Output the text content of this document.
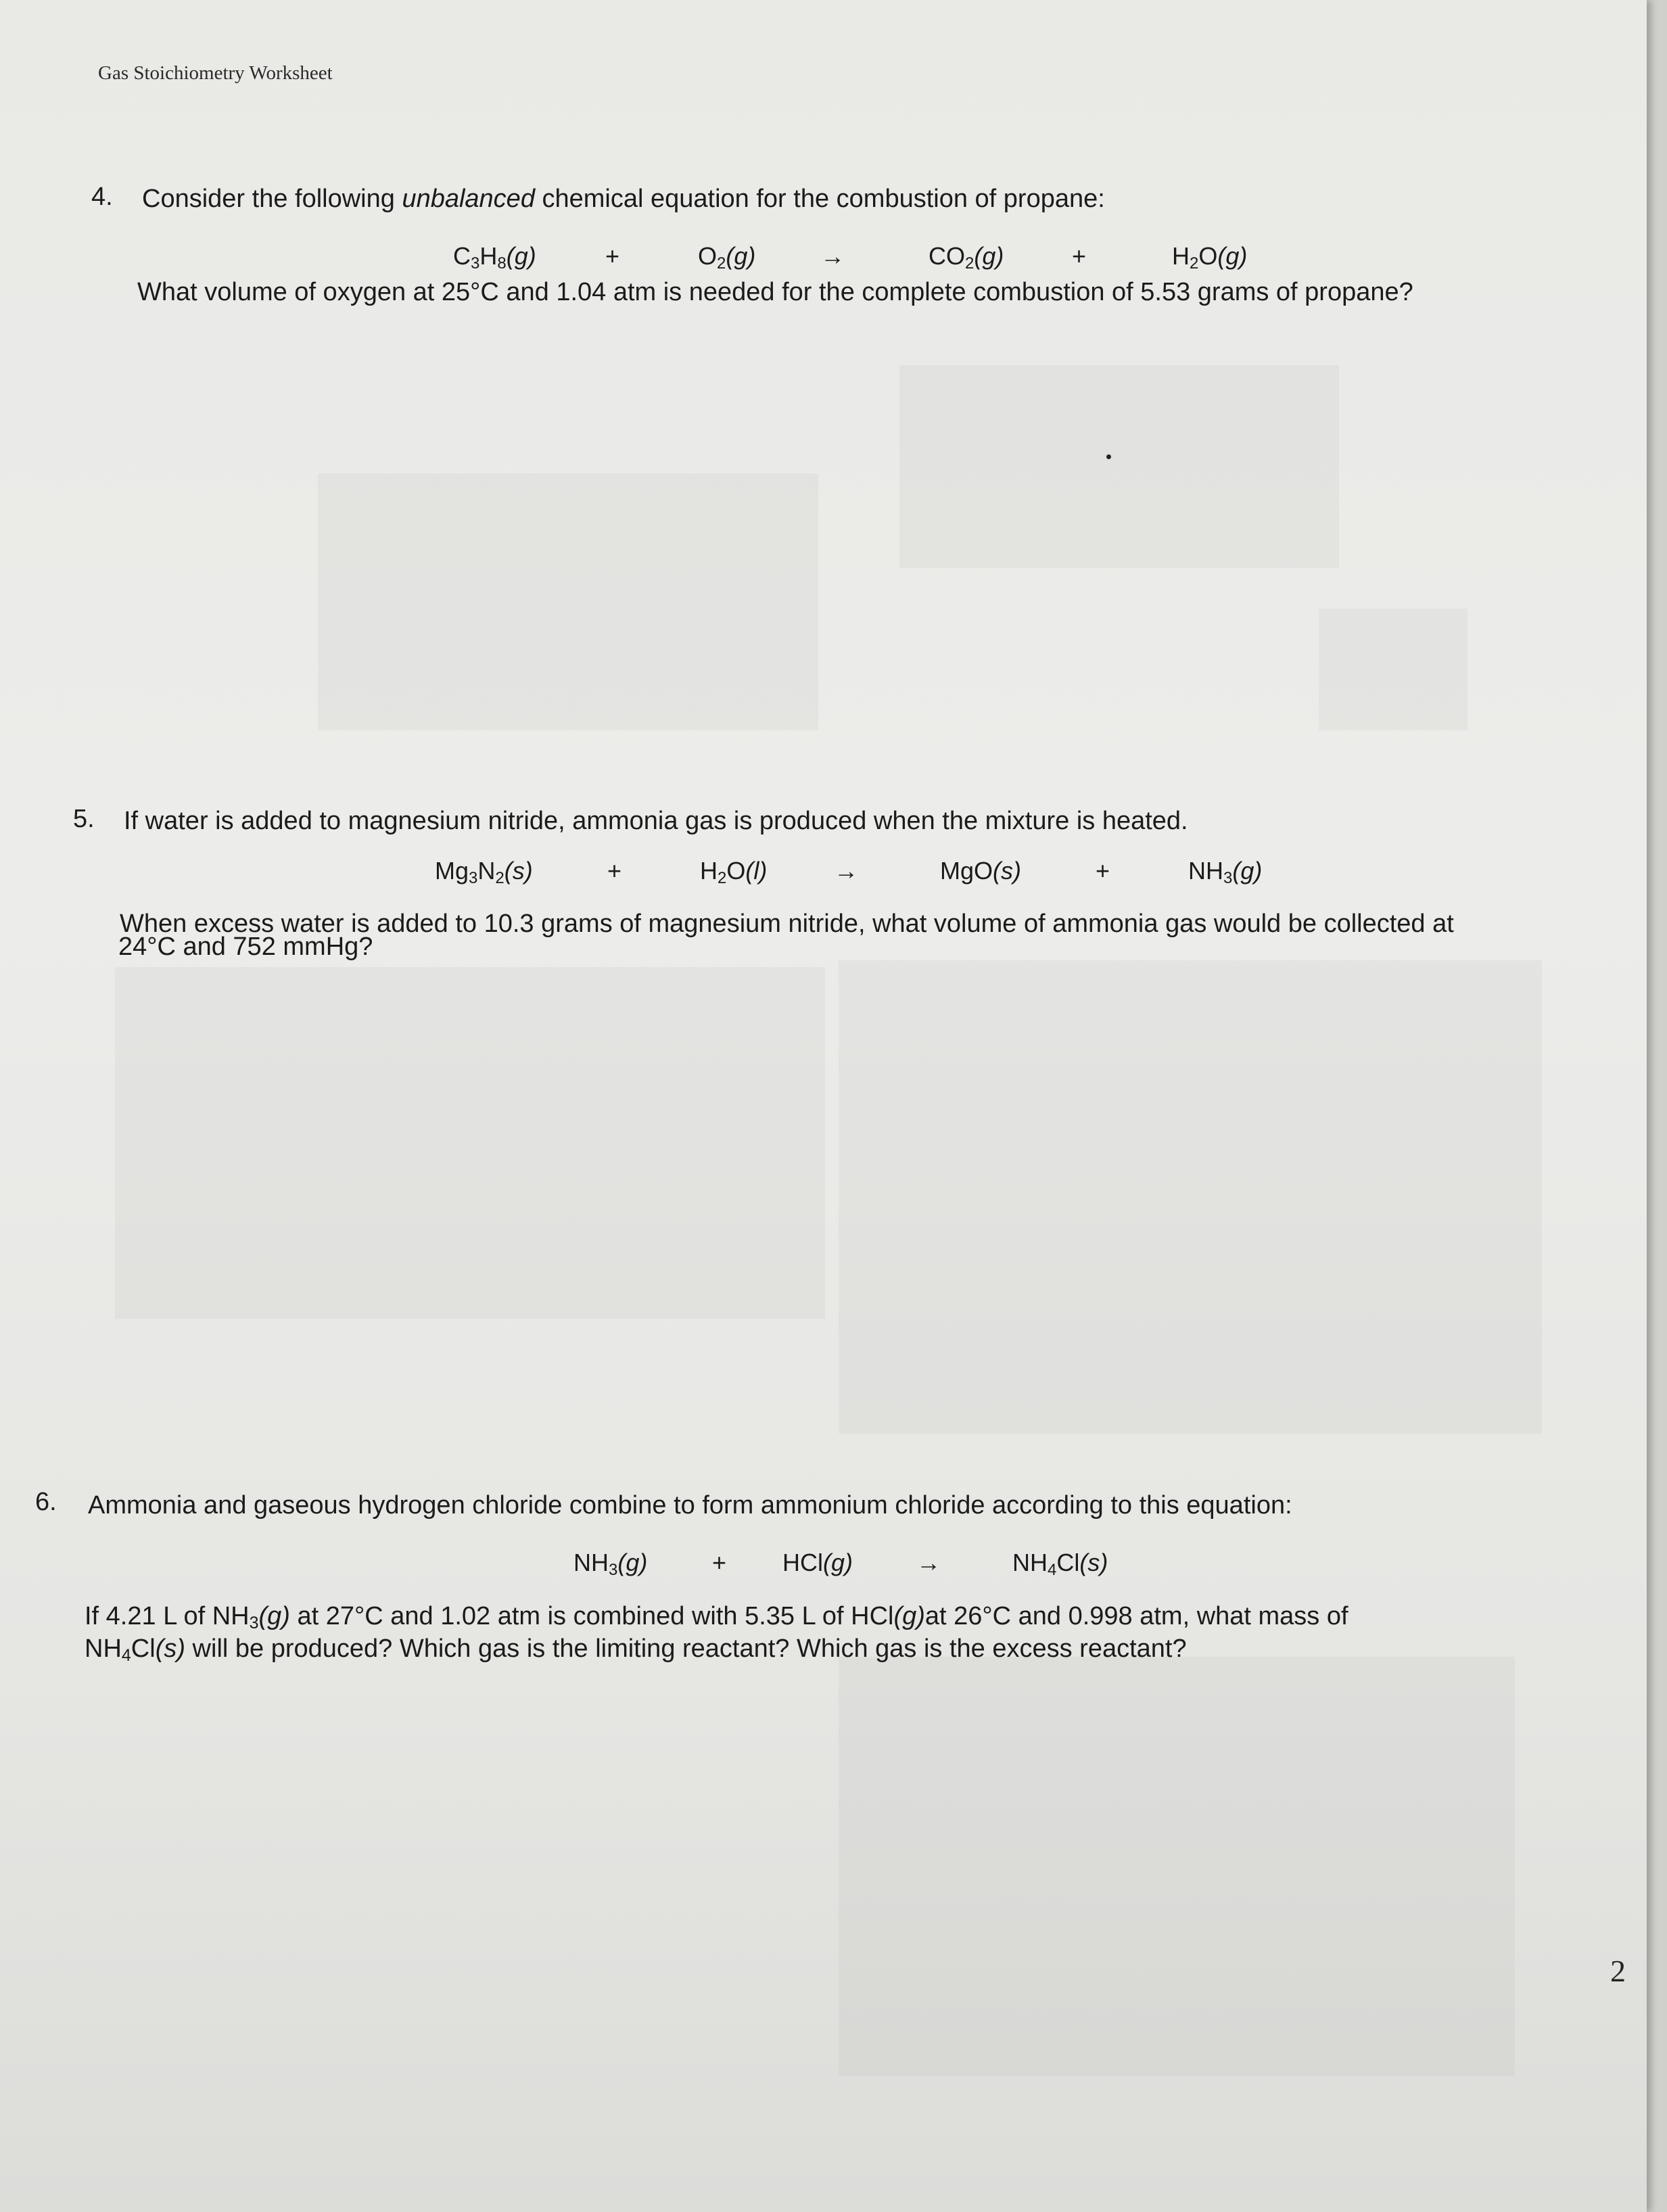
Gas Stoichiometry Worksheet
4. Consider the following unbalanced chemical equation for the combustion of propane:
$C_3H_8(g)$	+	$O_2(g)$	→	$CO_2(g)$	+	$H_2O(g)$
What volume of oxygen at 25°C and 1.04 atm is needed for the complete combustion of 5.53 grams of propane?
5. If water is added to magnesium nitride, ammonia gas is produced when the mixture is heated.
$Mg_3N_2(s)$	+	$H_2O(l)$	→	MgO(s)	+	$NH_3(g)$
When excess water is added to 10.3 grams of magnesium nitride, what volume of ammonia gas would be collected at
24°C and 752 mmHg?
6. Ammonia and gaseous hydrogen chloride combine to form ammonium chloride according to this equation:
$NH_3(g)$	+ HCl(g)	→	$NH_4Cl(s)$
If 4.21 L of $NH_3(g)$ at 27°C and 1.02 atm is combined with 5.35 L of HCl(g)at 26°C and 0.998 atm, what mass of
$NH_4Cl(s)$ will be produced? Which gas is the limiting reactant? Which gas is the excess reactant?
2
